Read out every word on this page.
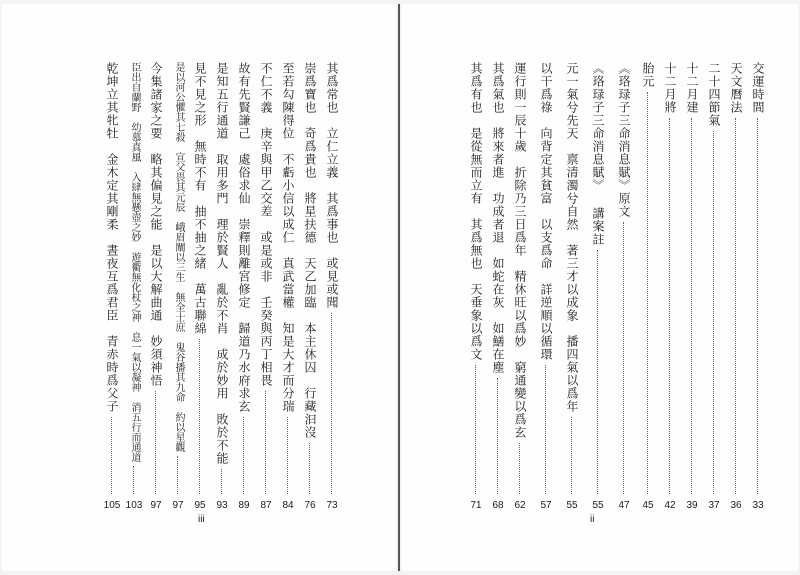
其爲常也　立仁立義　其爲事也　或見或聞
73
崇爲寶也　奇爲貴也　將星扶德　天乙加臨　本主休囚　行藏汩沒
76
至若勾陳得位　不虧小信以成仁　真武當權　知是大才而分瑞
84
不仁不義　庚辛與甲乙交差　或是或非　壬癸與丙丁相畏
87
故有先賢謙己　處俗求仙　崇釋則離宮修定　歸道乃水府求玄
89
是知五行通道　取用多門　理於賢人　亂於不肖　成於妙用　敗於不能
93
見不見之形　無時不有　抽不抽之緒　萬古聯綿
95
是以河公懼其七殺　宣父畏其元辰　峨眉闡以三生　無全士庶　鬼谷播其九命　約以星觀
97
今集諸家之要　略其偏見之能　是以大解曲通　妙須神悟
97
臣出自蘭野　幼慕真風　入肆無懸壺之妙　遊衢無化杖之神　息一氣以凝神　消五行而通道
103
乾坤立其牝牡　金木定其剛柔　晝夜互爲君臣　青赤時爲父子
105
iii
交運時間
33
天文曆法
36
二十四節氣
37
十二月建
39
十二月將
42
胎元
45
《珞琭子三命消息賦》原文
47
《珞琭子三命消息賦》 講案註
55
元一氣兮先天　禀清濁兮自然　著三才以成象　播四氣以爲年
55
以干爲祿　向背定其貧富　以支爲命　詳逆順以循環
57
運行則一辰十歲　折除乃三日爲年　精休旺以爲妙　窮通變以爲玄
62
其爲氣也　將來者進　功成者退　如蛇在灰　如鱔在塵
68
其爲有也　是從無而立有　其爲無也　天垂象以爲文
71
ii
